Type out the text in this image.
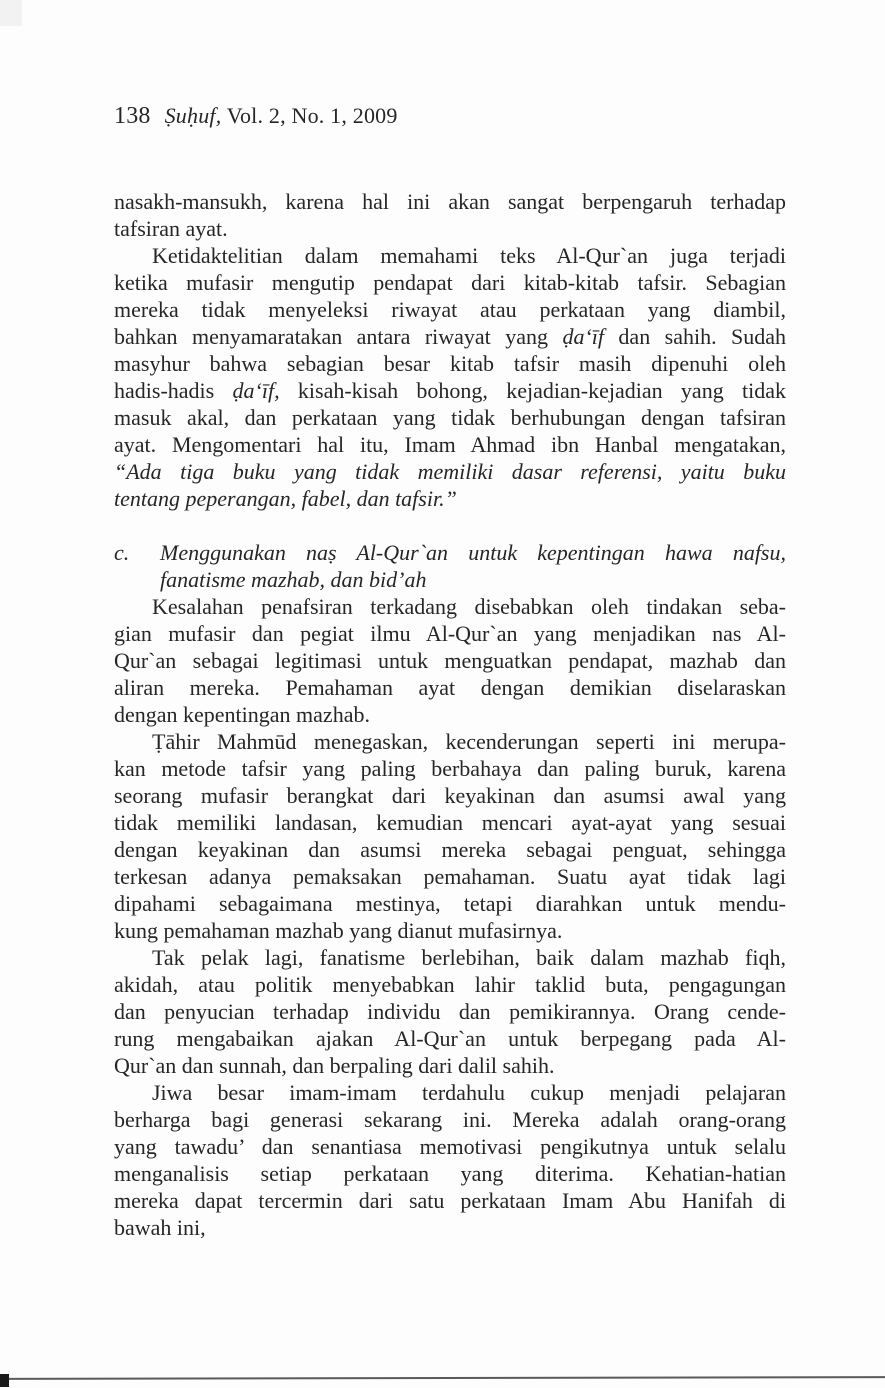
138 Ṣuḥuf, Vol. 2, No. 1, 2009
nasakh-mansukh, karena hal ini akan sangat berpengaruh terhadap
tafsiran ayat.
Ketidaktelitian dalam memahami teks Al-Qur`an juga terjadi
ketika mufasir mengutip pendapat dari kitab-kitab tafsir. Sebagian
mereka tidak menyeleksi riwayat atau perkataan yang diambil,
bahkan menyamaratakan antara riwayat yang ḍa‘īf dan sahih. Sudah
masyhur bahwa sebagian besar kitab tafsir masih dipenuhi oleh
hadis-hadis ḍa‘īf, kisah-kisah bohong, kejadian-kejadian yang tidak
masuk akal, dan perkataan yang tidak berhubungan dengan tafsiran
ayat. Mengomentari hal itu, Imam Ahmad ibn Hanbal mengatakan,
“Ada tiga buku yang tidak memiliki dasar referensi, yaitu buku
tentang peperangan, fabel, dan tafsir.”
c. Menggunakan naṣ Al-Qur`an untuk kepentingan hawa nafsu,
fanatisme mazhab, dan bid’ah
Kesalahan penafsiran terkadang disebabkan oleh tindakan seba-
gian mufasir dan pegiat ilmu Al-Qur`an yang menjadikan nas Al-
Qur`an sebagai legitimasi untuk menguatkan pendapat, mazhab dan
aliran mereka. Pemahaman ayat dengan demikian diselaraskan
dengan kepentingan mazhab.
Ṭāhir Mahmūd menegaskan, kecenderungan seperti ini merupa-
kan metode tafsir yang paling berbahaya dan paling buruk, karena
seorang mufasir berangkat dari keyakinan dan asumsi awal yang
tidak memiliki landasan, kemudian mencari ayat-ayat yang sesuai
dengan keyakinan dan asumsi mereka sebagai penguat, sehingga
terkesan adanya pemaksakan pemahaman. Suatu ayat tidak lagi
dipahami sebagaimana mestinya, tetapi diarahkan untuk mendu-
kung pemahaman mazhab yang dianut mufasirnya.
Tak pelak lagi, fanatisme berlebihan, baik dalam mazhab fiqh,
akidah, atau politik menyebabkan lahir taklid buta, pengagungan
dan penyucian terhadap individu dan pemikirannya. Orang cende-
rung mengabaikan ajakan Al-Qur`an untuk berpegang pada Al-
Qur`an dan sunnah, dan berpaling dari dalil sahih.
Jiwa besar imam-imam terdahulu cukup menjadi pelajaran
berharga bagi generasi sekarang ini. Mereka adalah orang-orang
yang tawadu’ dan senantiasa memotivasi pengikutnya untuk selalu
menganalisis setiap perkataan yang diterima. Kehatian-hatian
mereka dapat tercermin dari satu perkataan Imam Abu Hanifah di
bawah ini,
